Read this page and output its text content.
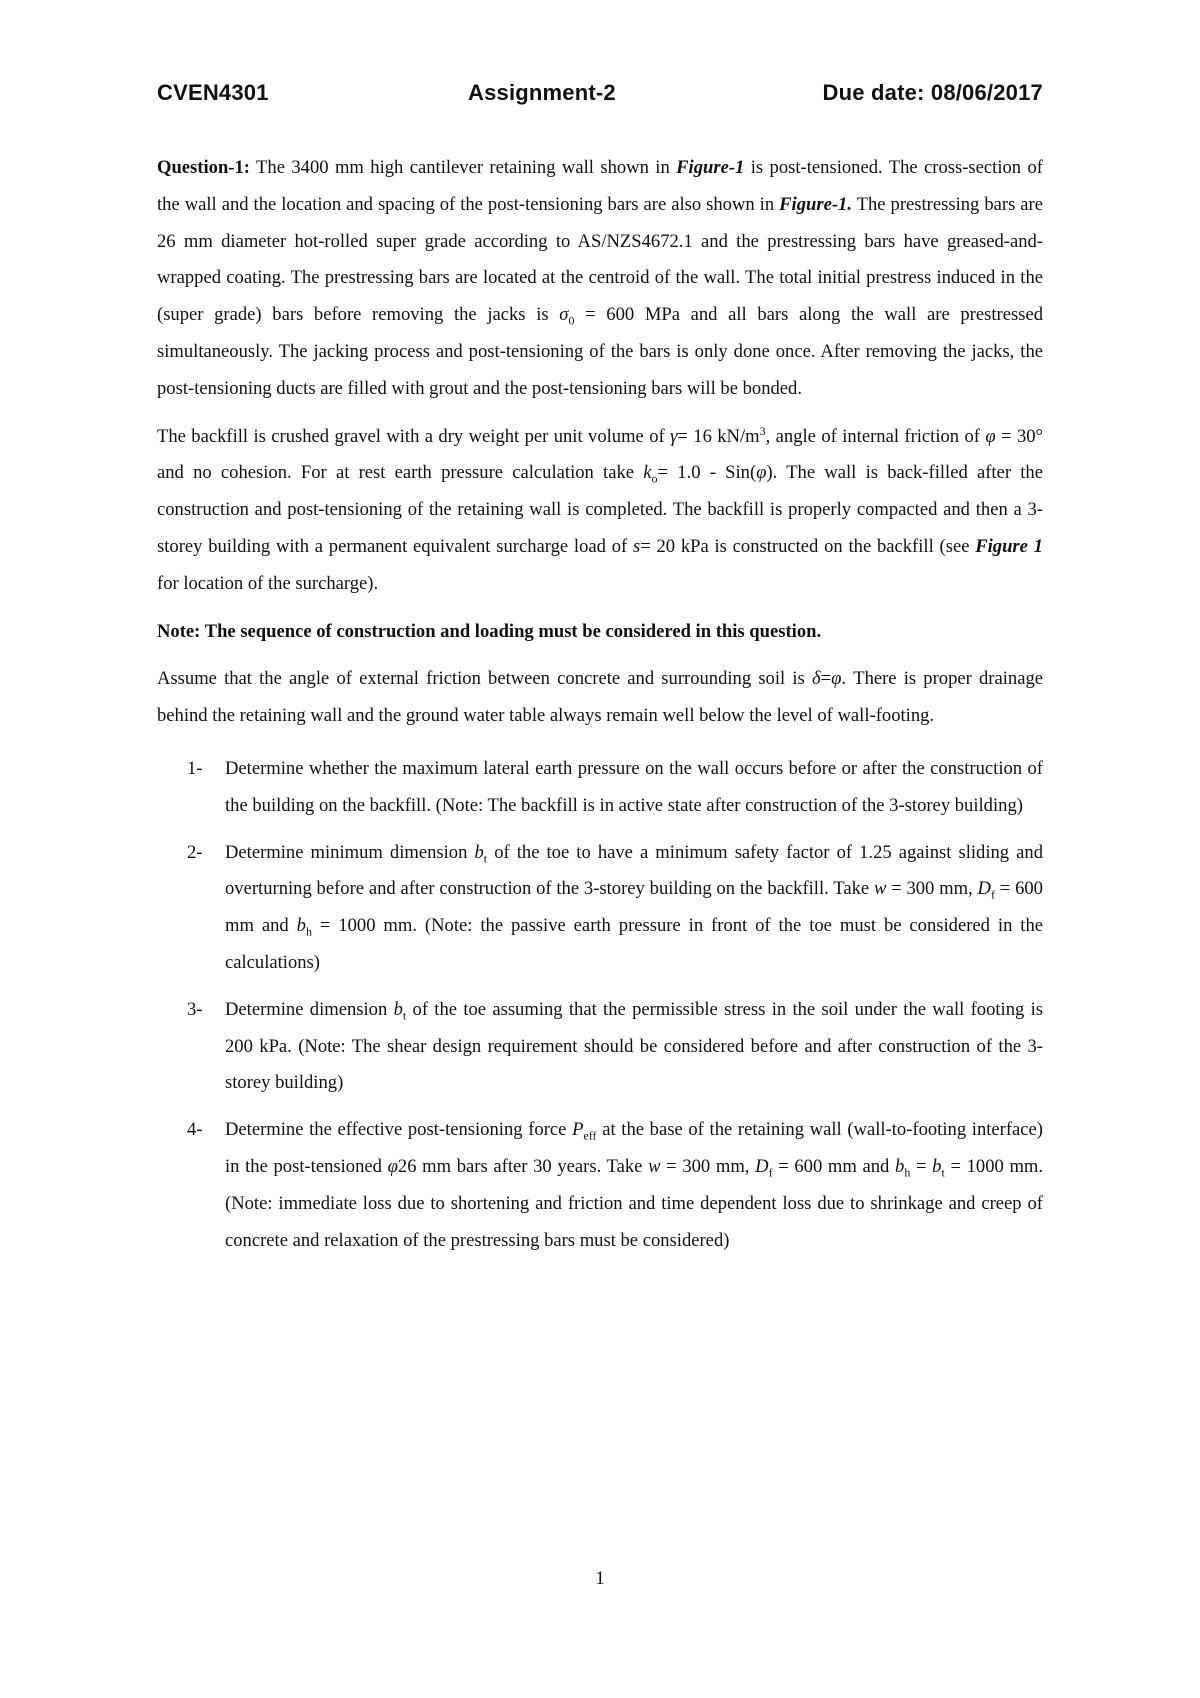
CVEN4301	Assignment-2	Due date: 08/06/2017

Question-1: The 3400 mm high cantilever retaining wall shown in Figure-1 is post-tensioned. The cross-section of the wall and the location and spacing of the post-tensioning bars are also shown in Figure-1. The prestressing bars are 26 mm diameter hot-rolled super grade according to AS/NZS4672.1 and the prestressing bars have greased-and-wrapped coating. The prestressing bars are located at the centroid of the wall. The total initial prestress induced in the (super grade) bars before removing the jacks is $\sigma_0 = 600$ MPa and all bars along the wall are prestressed simultaneously. The jacking process and post-tensioning of the bars is only done once. After removing the jacks, the post-tensioning ducts are filled with grout and the post-tensioning bars will be bonded.

The backfill is crushed gravel with a dry weight per unit volume of γ= 16 $kN/m^3$, angle of internal friction of φ = 30° and no cohesion. For at rest earth pressure calculation take $k_o= 1.0 - Sin(\varphi)$. The wall is back-filled after the construction and post-tensioning of the retaining wall is completed. The backfill is properly compacted and then a 3-storey building with a permanent equivalent surcharge load of s= 20 kPa is constructed on the backfill (see Figure 1 for location of the surcharge).

Note: The sequence of construction and loading must be considered in this question.

Assume that the angle of external friction between concrete and surrounding soil is δ=φ. There is proper drainage behind the retaining wall and the ground water table always remain well below the level of wall-footing.

1- Determine whether the maximum lateral earth pressure on the wall occurs before or after the construction of the building on the backfill. (Note: The backfill is in active state after construction of the 3-storey building)
2- Determine minimum dimension $b_t$ of the toe to have a minimum safety factor of 1.25 against sliding and overturning before and after construction of the 3-storey building on the backfill. Take w = 300 mm, $D_f = 600$ mm and $b_h = 1000$ mm. (Note: the passive earth pressure in front of the toe must be considered in the calculations)
3- Determine dimension $b_t$ of the toe assuming that the permissible stress in the soil under the wall footing is 200 kPa. (Note: The shear design requirement should be considered before and after construction of the 3-storey building)
4- Determine the effective post-tensioning force $P_{eff}$ at the base of the retaining wall (wall-to-footing interface) in the post-tensioned φ26 mm bars after 30 years. Take w = 300 mm, $D_f = 600$ mm and $b_h = b_t = 1000$ mm. (Note: immediate loss due to shortening and friction and time dependent loss due to shrinkage and creep of concrete and relaxation of the prestressing bars must be considered)
1
